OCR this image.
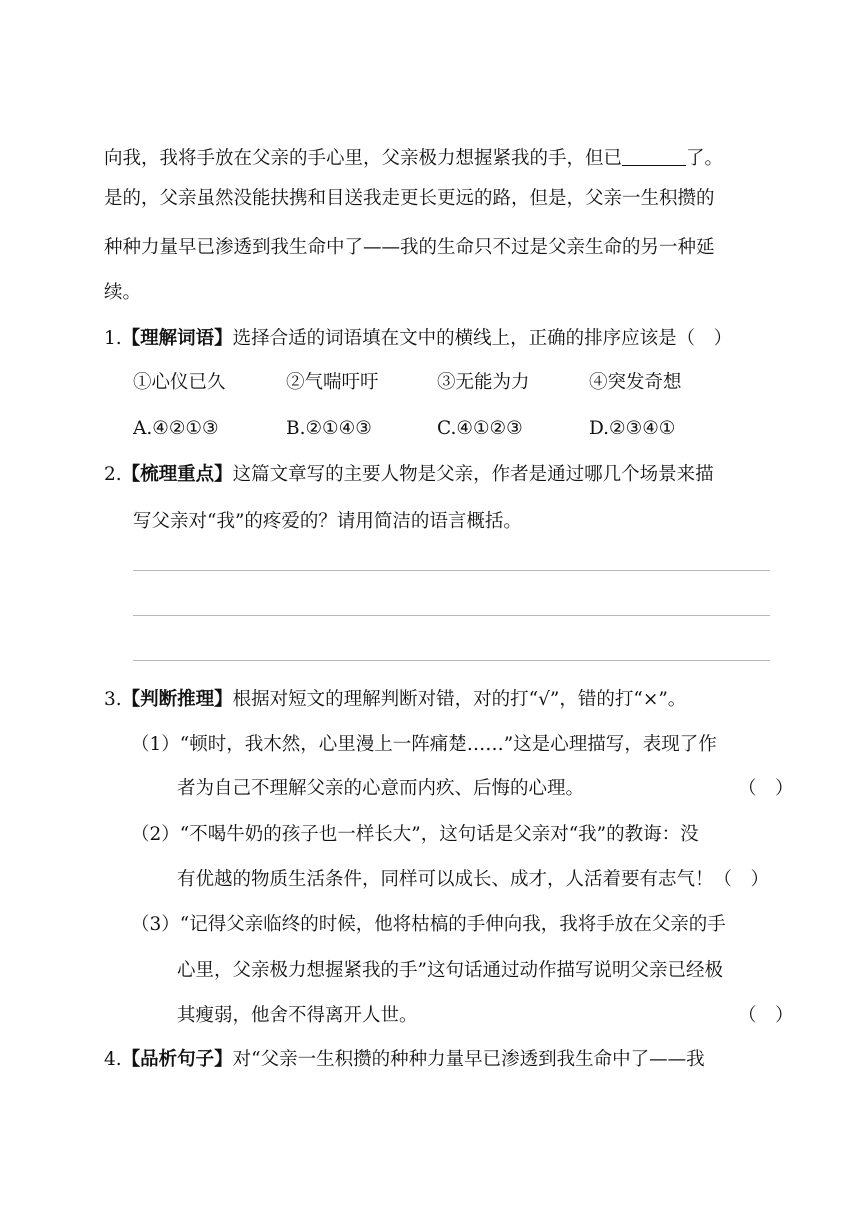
向我，我将手放在父亲的手心里，父亲极力想握紧我的手，但已	了。
是的，父亲虽然没能扶携和目送我走更长更远的路，但是，父亲一生积攒的
种种力量早已渗透到我生命中了——我的生命只不过是父亲生命的另一种延
续。
1.【理解词语】选择合适的词语填在文中的横线上，正确的排序应该是（　）
①心仪已久	②气喘吁吁	③无能为力	④突发奇想
A.④②①③	B.②①④③	C.④①②③	D.②③④①
2.【梳理重点】这篇文章写的主要人物是父亲，作者是通过哪几个场景来描
写父亲对“我”的疼爱的？请用简洁的语言概括。
3.【判断推理】根据对短文的理解判断对错，对的打“√”，错的打“×”。
（1）“顿时，我木然，心里漫上一阵痛楚……”这是心理描写，表现了作
者为自己不理解父亲的心意而内疚、后悔的心理。	（　）
（2）“不喝牛奶的孩子也一样长大”，这句话是父亲对“我”的教诲：没
有优越的物质生活条件，同样可以成长、成才，人活着要有志气！（　）
（3）“记得父亲临终的时候，他将枯槁的手伸向我，我将手放在父亲的手
心里，父亲极力想握紧我的手”这句话通过动作描写说明父亲已经极
其瘦弱，他舍不得离开人世。	（　）
4.【品析句子】对“父亲一生积攒的种种力量早已渗透到我生命中了——我
